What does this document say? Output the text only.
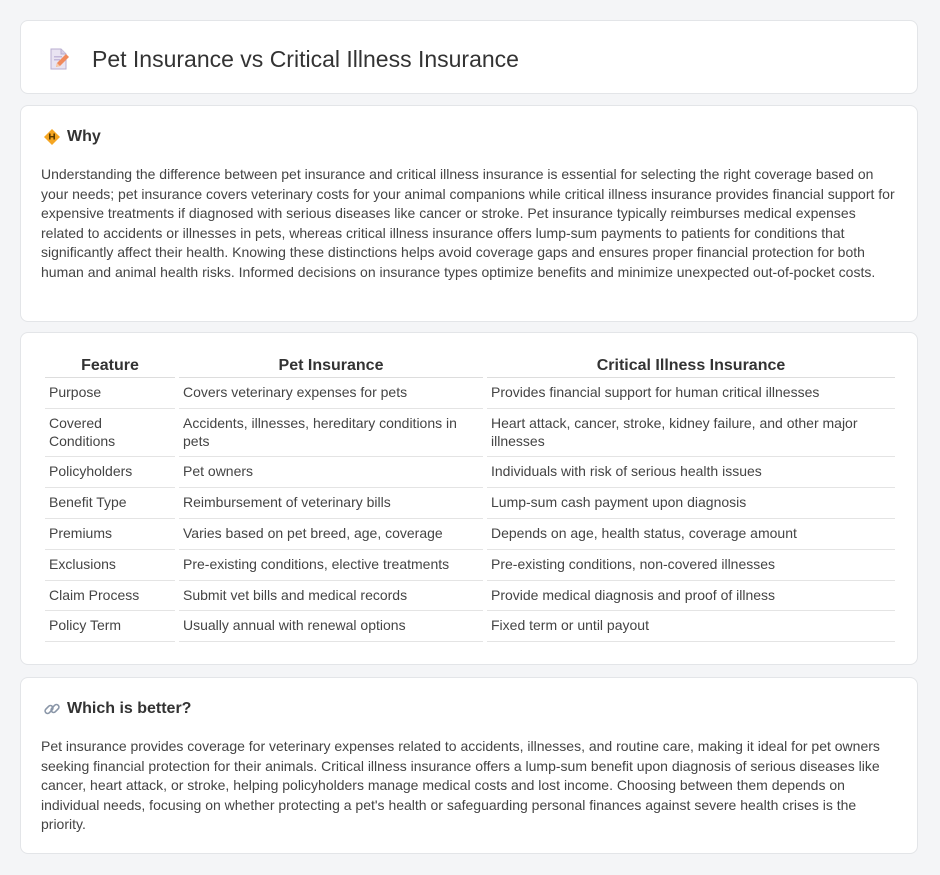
Pet Insurance vs Critical Illness Insurance
Why

Understanding the difference between pet insurance and critical illness insurance is essential for selecting the right coverage based on your needs; pet insurance covers veterinary costs for your animal companions while critical illness insurance provides financial support for expensive treatments if diagnosed with serious diseases like cancer or stroke. Pet insurance typically reimburses medical expenses related to accidents or illnesses in pets, whereas critical illness insurance offers lump-sum payments to patients for conditions that significantly affect their health. Knowing these distinctions helps avoid coverage gaps and ensures proper financial protection for both human and animal health risks. Informed decisions on insurance types optimize benefits and minimize unexpected out-of-pocket costs.

Feature	Pet Insurance	Critical Illness Insurance
Purpose	Covers veterinary expenses for pets	Provides financial support for human critical illnesses
Covered Conditions	Accidents, illnesses, hereditary conditions in pets	Heart attack, cancer, stroke, kidney failure, and other major illnesses
Policyholders	Pet owners	Individuals with risk of serious health issues
Benefit Type	Reimbursement of veterinary bills	Lump-sum cash payment upon diagnosis
Premiums	Varies based on pet breed, age, coverage	Depends on age, health status, coverage amount
Exclusions	Pre-existing conditions, elective treatments	Pre-existing conditions, non-covered illnesses
Claim Process	Submit vet bills and medical records	Provide medical diagnosis and proof of illness
Policy Term	Usually annual with renewal options	Fixed term or until payout
Which is better?

Pet insurance provides coverage for veterinary expenses related to accidents, illnesses, and routine care, making it ideal for pet owners seeking financial protection for their animals. Critical illness insurance offers a lump-sum benefit upon diagnosis of serious diseases like cancer, heart attack, or stroke, helping policyholders manage medical costs and lost income. Choosing between them depends on individual needs, focusing on whether protecting a pet's health or safeguarding personal finances against severe health crises is the priority.
